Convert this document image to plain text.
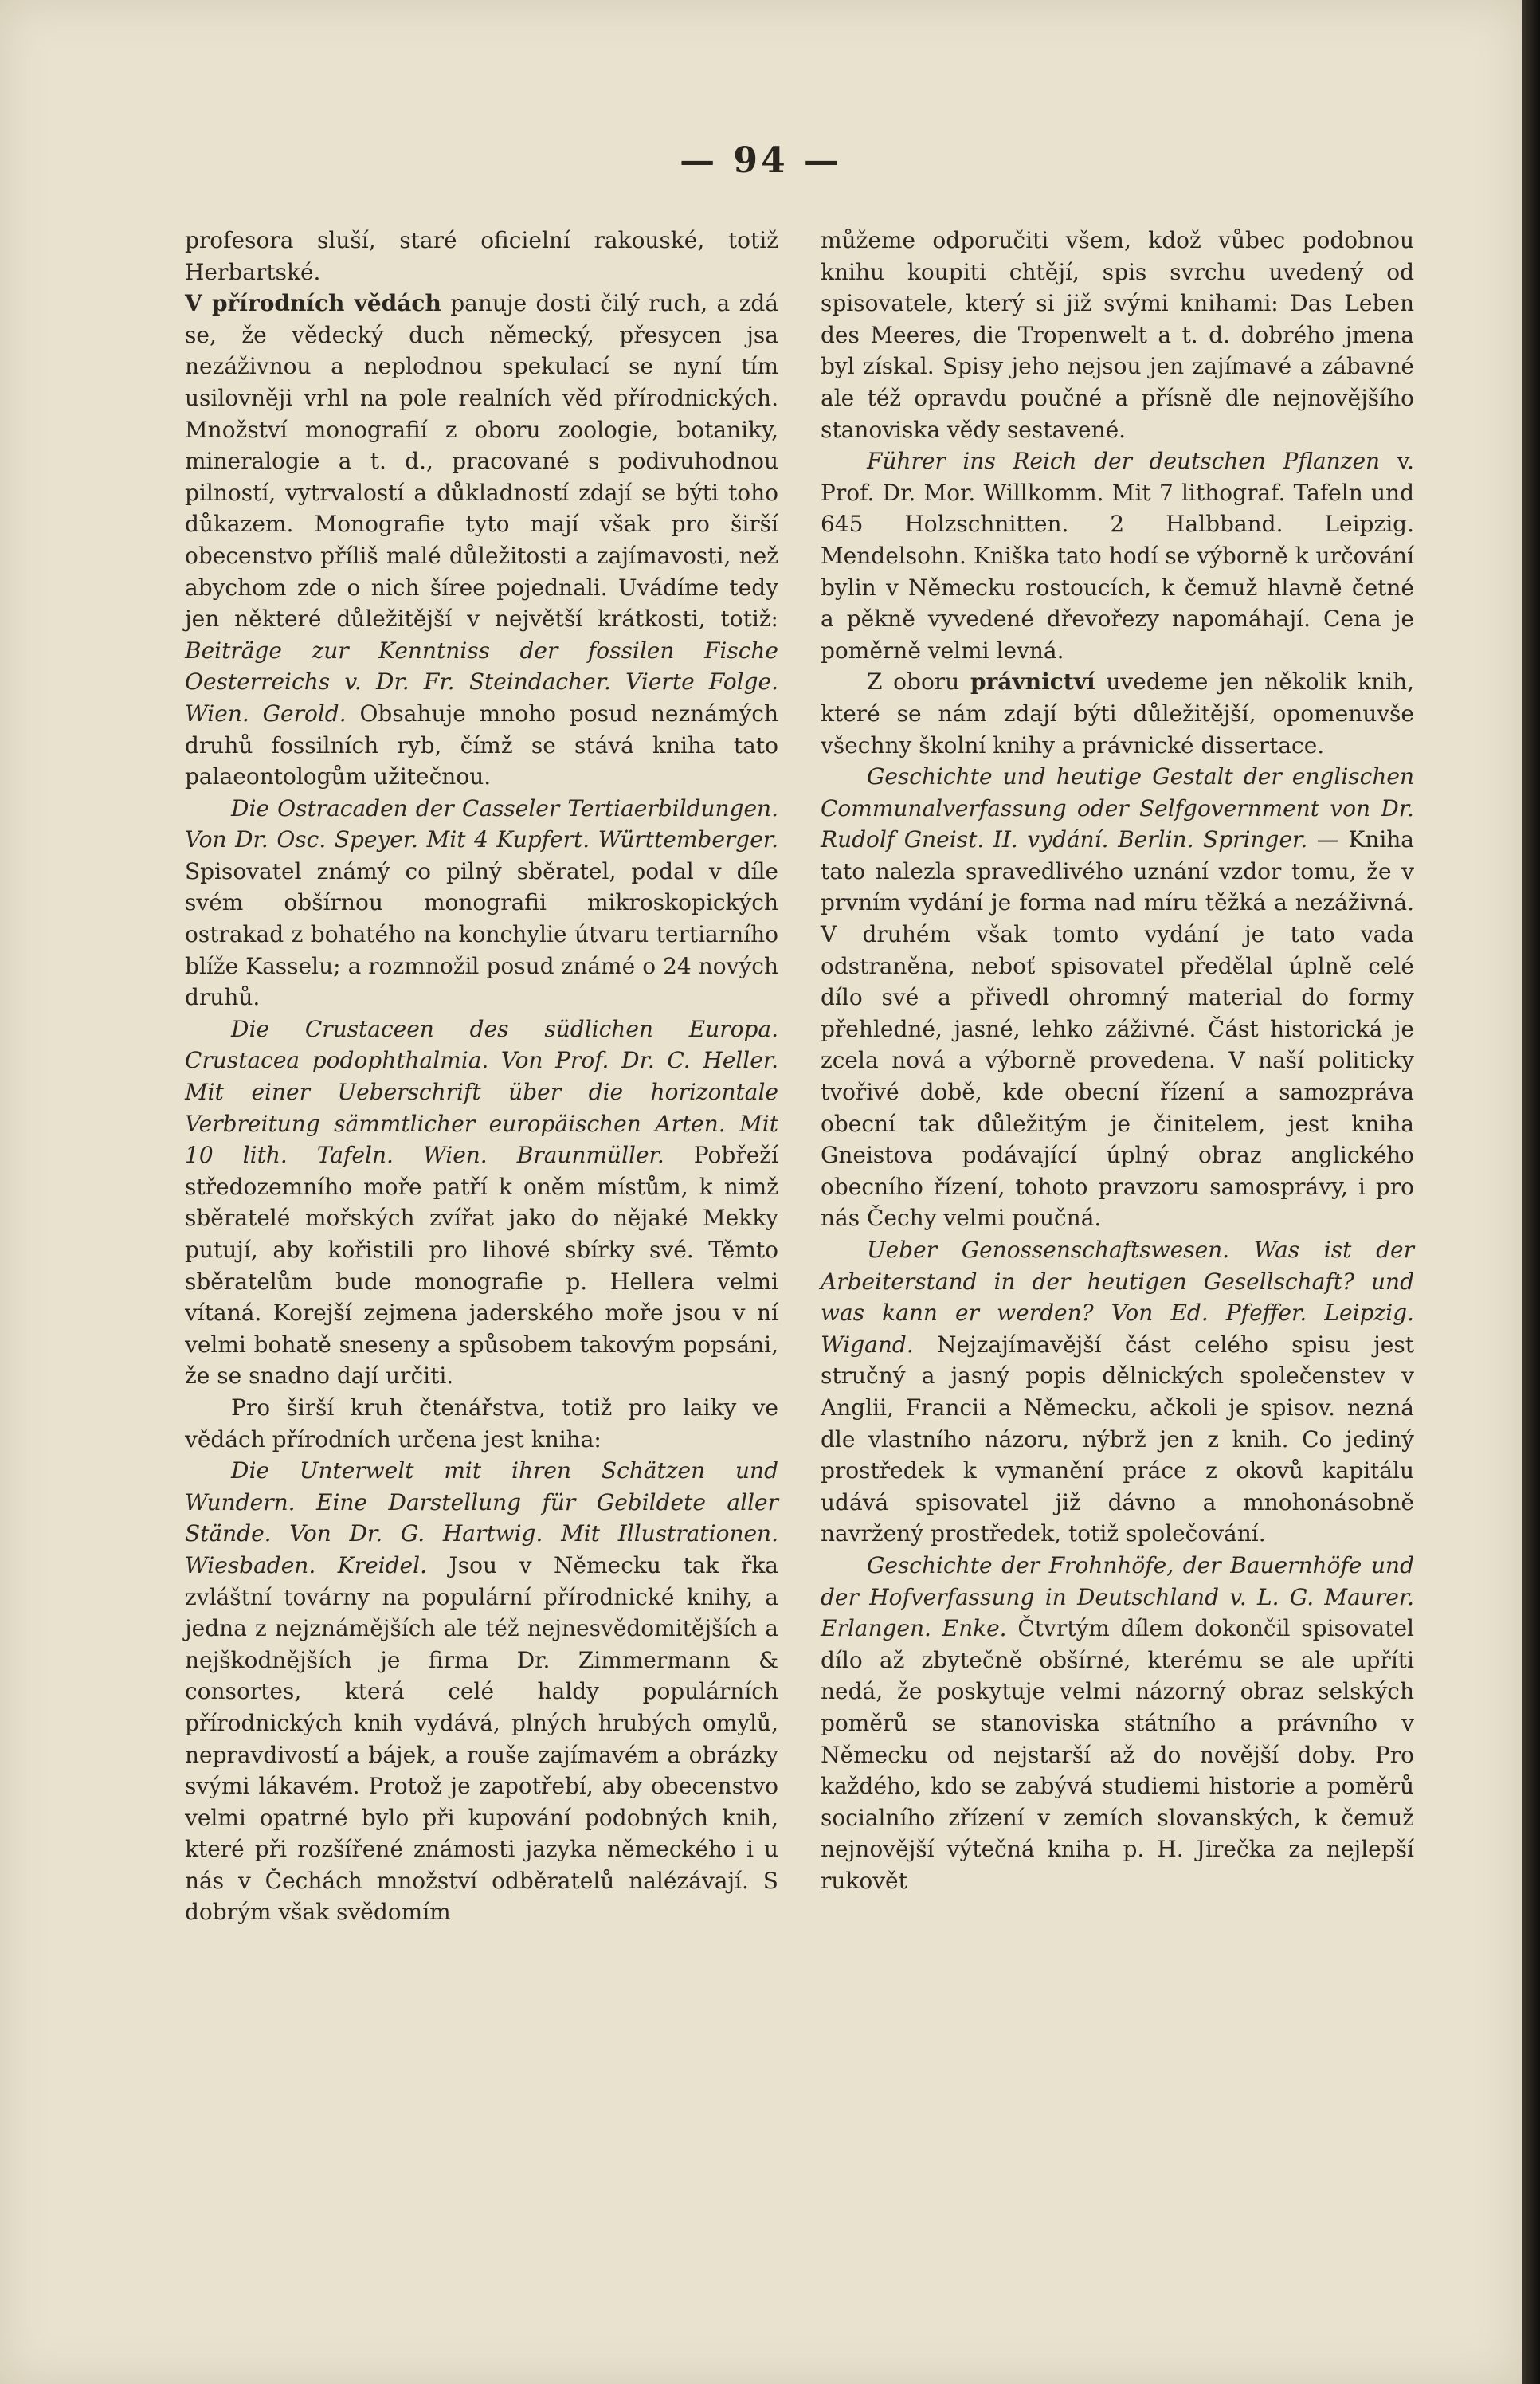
— 94 —

profesora sluší, staré oficielní rakouské, totiž Herbartské.

V přírodních vědách panuje dosti čilý ruch, a zdá se, že vědecký duch německý, přesycen jsa nezáživnou a neplodnou spekulací se nyní tím usilovněji vrhl na pole realních věd přírodnických. Množství monografií z oboru zoologie, botaniky, mineralogie a t. d., pracované s podivuhodnou pilností, vytrvalostí a důkladností zdají se býti toho důkazem. Monografie tyto mají však pro širší obecenstvo příliš malé důležitosti a zajímavosti, než abychom zde o nich šíree pojednali. Uvádíme tedy jen některé důležitější v největší krátkosti, totiž: Beiträge zur Kenntniss der fossilen Fische Oesterreichs v. Dr. Fr. Steindacher. Vierte Folge. Wien. Gerold. Obsahuje mnoho posud neznámých druhů fossilních ryb, čímž se stává kniha tato palaeontologům užitečnou.

Die Ostracaden der Casseler Tertiaerbildungen. Von Dr. Osc. Speyer. Mit 4 Kupfert. Württemberger. Spisovatel známý co pilný sběratel, podal v díle svém obšírnou monografii mikroskopických ostrakad z bohatého na konchylie útvaru tertiarního blíže Kasselu; a rozmnožil posud známé o 24 nových druhů.

Die Crustaceen des südlichen Europa. Crustacea podophthalmia. Von Prof. Dr. C. Heller. Mit einer Ueberschrift über die horizontale Verbreitung sämmtlicher europäischen Arten. Mit 10 lith. Tafeln. Wien. Braunmüller. Pobřeží středozemního moře patří k oněm místům, k nimž sběratelé mořských zvířat jako do nějaké Mekky putují, aby kořistili pro lihové sbírky své. Těmto sběratelům bude monografie p. Hellera velmi vítaná. Korejší zejmena jaderského moře jsou v ní velmi bohatě sneseny a spůsobem takovým popsáni, že se snadno dají určiti.

Pro širší kruh čtenářstva, totiž pro laiky ve vědách přírodních určena jest kniha:

Die Unterwelt mit ihren Schätzen und Wundern. Eine Darstellung für Gebildete aller Stände. Von Dr. G. Hartwig. Mit Illustrationen. Wiesbaden. Kreidel. Jsou v Německu tak řka zvláštní továrny na populární přírodnické knihy, a jedna z nejznámějších ale též nejnesvědomitějších a nejškodnějších je firma Dr. Zimmermann & consortes, která celé haldy populárních přírodnických knih vydává, plných hrubých omylů, nepravdivostí a bájek, a rouše zajímavém a obrázky svými lákavém. Protož je zapotřebí, aby obecenstvo velmi opatrné bylo při kupování podobných knih, které při rozšířené známosti jazyka německého i u nás v Čechách množství odběratelů nalézávají. S dobrým však svědomím

můžeme odporučiti všem, kdož vůbec podobnou knihu koupiti chtějí, spis svrchu uvedený od spisovatele, který si již svými knihami: Das Leben des Meeres, die Tropenwelt a t. d. dobrého jmena byl získal. Spisy jeho nejsou jen zajímavé a zábavné ale též opravdu poučné a přísně dle nejnovějšího stanoviska vědy sestavené.

Führer ins Reich der deutschen Pflanzen v. Prof. Dr. Mor. Willkomm. Mit 7 lithograf. Tafeln und 645 Holzschnitten. 2 Halbband. Leipzig. Mendelsohn. Kniška tato hodí se výborně k určování bylin v Německu rostoucích, k čemuž hlavně četné a pěkně vyvedené dřevořezy napomáhají. Cena je poměrně velmi levná.

Z oboru právnictví uvedeme jen několik knih, které se nám zdají býti důležitější, opomenuvše všechny školní knihy a právnické dissertace.

Geschichte und heutige Gestalt der englischen Communalverfassung oder Selfgovernment von Dr. Rudolf Gneist. II. vydání. Berlin. Springer. — Kniha tato nalezla spravedlivého uznání vzdor tomu, že v prvním vydání je forma nad míru těžká a nezáživná. V druhém však tomto vydání je tato vada odstraněna, neboť spisovatel předělal úplně celé dílo své a přivedl ohromný material do formy přehledné, jasné, lehko záživné. Část historická je zcela nová a výborně provedena. V naší politicky tvořivé době, kde obecní řízení a samozpráva obecní tak důležitým je činitelem, jest kniha Gneistova podávající úplný obraz anglického obecního řízení, tohoto pravzoru samosprávy, i pro nás Čechy velmi poučná.

Ueber Genossenschaftswesen. Was ist der Arbeiterstand in der heutigen Gesellschaft? und was kann er werden? Von Ed. Pfeffer. Leipzig. Wigand. Nejzajímavější část celého spisu jest stručný a jasný popis dělnických společenstev v Anglii, Francii a Německu, ačkoli je spisov. nezná dle vlastního názoru, nýbrž jen z knih. Co jediný prostředek k vymanění práce z okovů kapitálu udává spisovatel již dávno a mnohonásobně navržený prostředek, totiž společování.

Geschichte der Frohnhöfe, der Bauernhöfe und der Hofverfassung in Deutschland v. L. G. Maurer. Erlangen. Enke. Čtvrtým dílem dokončil spisovatel dílo až zbytečně obšírné, kterému se ale upříti nedá, že poskytuje velmi názorný obraz selských poměrů se stanoviska státního a právního v Německu od nejstarší až do novější doby. Pro každého, kdo se zabývá studiemi historie a poměrů socialního zřízení v zemích slovanských, k čemuž nejnovější výtečná kniha p. H. Jirečka za nejlepší rukovět
